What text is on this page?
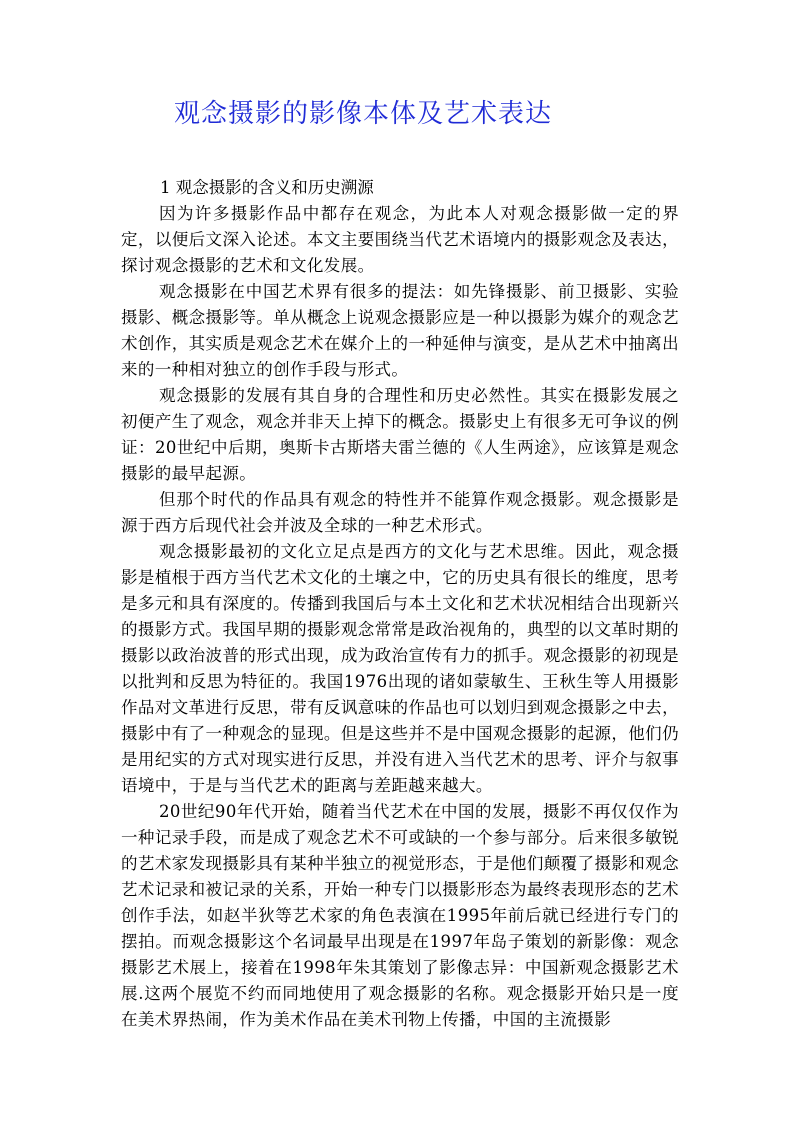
观念摄影的影像本体及艺术表达

1 观念摄影的含义和历史溯源

因为许多摄影作品中都存在观念，为此本人对观念摄影做一定的界定，以便后文深入论述。本文主要围绕当代艺术语境内的摄影观念及表达，探讨观念摄影的艺术和文化发展。

观念摄影在中国艺术界有很多的提法：如先锋摄影、前卫摄影、实验摄影、概念摄影等。单从概念上说观念摄影应是一种以摄影为媒介的观念艺术创作，其实质是观念艺术在媒介上的一种延伸与演变，是从艺术中抽离出来的一种相对独立的创作手段与形式。

观念摄影的发展有其自身的合理性和历史必然性。其实在摄影发展之初便产生了观念，观念并非天上掉下的概念。摄影史上有很多无可争议的例证：20世纪中后期，奥斯卡古斯塔夫雷兰德的《人生两途》，应该算是观念摄影的最早起源。

但那个时代的作品具有观念的特性并不能算作观念摄影。观念摄影是源于西方后现代社会并波及全球的一种艺术形式。

观念摄影最初的文化立足点是西方的文化与艺术思维。因此，观念摄影是植根于西方当代艺术文化的土壤之中，它的历史具有很长的维度，思考是多元和具有深度的。传播到我国后与本土文化和艺术状况相结合出现新兴的摄影方式。我国早期的摄影观念常常是政治视角的，典型的以文革时期的摄影以政治波普的形式出现，成为政治宣传有力的抓手。观念摄影的初现是以批判和反思为特征的。我国1976出现的诸如蒙敏生、王秋生等人用摄影作品对文革进行反思，带有反讽意味的作品也可以划归到观念摄影之中去，摄影中有了一种观念的显现。但是这些并不是中国观念摄影的起源，他们仍是用纪实的方式对现实进行反思，并没有进入当代艺术的思考、评介与叙事语境中，于是与当代艺术的距离与差距越来越大。

20世纪90年代开始，随着当代艺术在中国的发展，摄影不再仅仅作为一种记录手段，而是成了观念艺术不可或缺的一个参与部分。后来很多敏锐的艺术家发现摄影具有某种半独立的视觉形态，于是他们颠覆了摄影和观念艺术记录和被记录的关系，开始一种专门以摄影形态为最终表现形态的艺术创作手法，如赵半狄等艺术家的角色表演在1995年前后就已经进行专门的摆拍。而观念摄影这个名词最早出现是在1997年岛子策划的新影像：观念摄影艺术展上，接着在1998年朱其策划了影像志异：中国新观念摄影艺术展.这两个展览不约而同地使用了观念摄影的名称。观念摄影开始只是一度在美术界热闹，作为美术作品在美术刊物上传播，中国的主流摄影
